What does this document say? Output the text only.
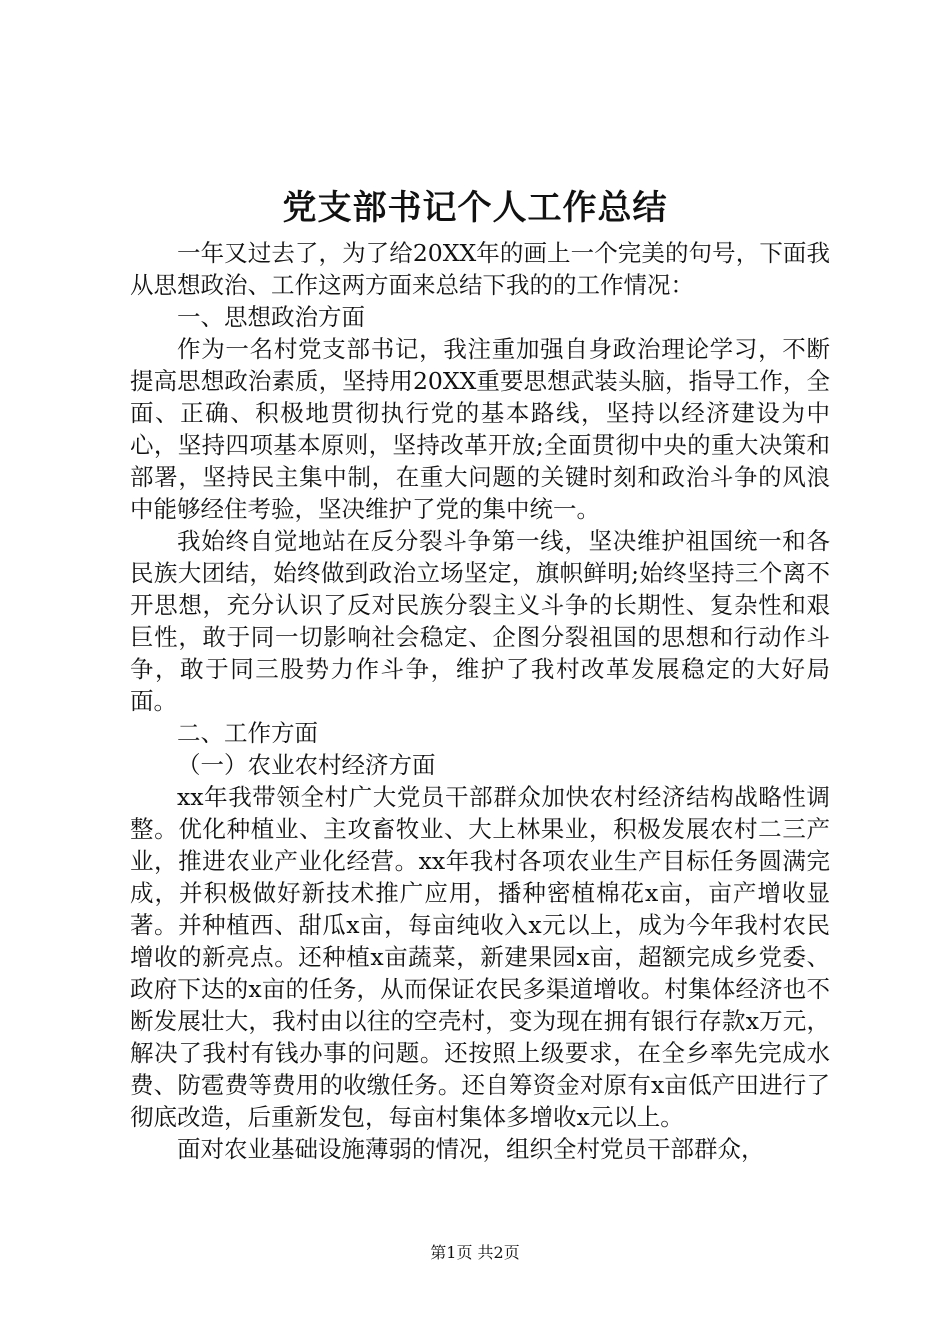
党支部书记个人工作总结

一年又过去了，为了给20XX年的画上一个完美的句号，下面我从思想政治、工作这两方面来总结下我的的工作情况：

一、思想政治方面

作为一名村党支部书记，我注重加强自身政治理论学习，不断提高思想政治素质，坚持用20XX重要思想武装头脑，指导工作，全面、正确、积极地贯彻执行党的基本路线，坚持以经济建设为中心，坚持四项基本原则，坚持改革开放;全面贯彻中央的重大决策和部署，坚持民主集中制，在重大问题的关键时刻和政治斗争的风浪中能够经住考验，坚决维护了党的集中统一。

我始终自觉地站在反分裂斗争第一线，坚决维护祖国统一和各民族大团结，始终做到政治立场坚定，旗帜鲜明;始终坚持三个离不开思想，充分认识了反对民族分裂主义斗争的长期性、复杂性和艰巨性，敢于同一切影响社会稳定、企图分裂祖国的思想和行动作斗争，敢于同三股势力作斗争，维护了我村改革发展稳定的大好局面。

二、工作方面

（一）农业农村经济方面

xx年我带领全村广大党员干部群众加快农村经济结构战略性调整。优化种植业、主攻畜牧业、大上林果业，积极发展农村二三产业，推进农业产业化经营。xx年我村各项农业生产目标任务圆满完成，并积极做好新技术推广应用，播种密植棉花x亩，亩产增收显著。并种植西、甜瓜x亩，每亩纯收入x元以上，成为今年我村农民增收的新亮点。还种植x亩蔬菜，新建果园x亩，超额完成乡党委、政府下达的x亩的任务，从而保证农民多渠道增收。村集体经济也不断发展壮大，我村由以往的空壳村，变为现在拥有银行存款x万元，解决了我村有钱办事的问题。还按照上级要求，在全乡率先完成水费、防雹费等费用的收缴任务。还自筹资金对原有x亩低产田进行了彻底改造，后重新发包，每亩村集体多增收x元以上。

面对农业基础设施薄弱的情况，组织全村党员干部群众，

第1页 共2页
